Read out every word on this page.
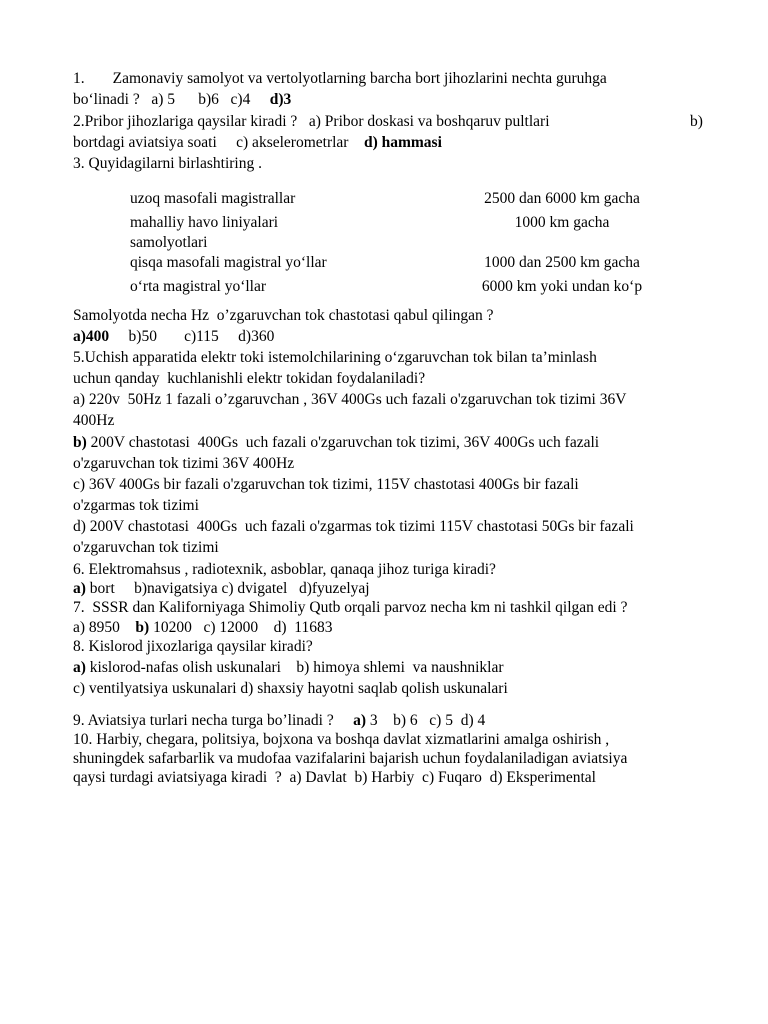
1. Zamonaviy samolyot va vertolyotlarning barcha bort jihozlarini nechta guruhga
bo‘linadi ?   a) 5      b)6   c)4     d)3
2.Pribor jihozlariga qaysilar kiradi ?   a) Pribor doskasi va boshqaruv pultlari	b)
bortdagi aviatsiya soati     c) akselerometrlar    d) hammasi
3. Quyidagilarni birlashtiring .
uzoq masofali magistrallar	2500 dan 6000 km gacha
mahalliy havo liniyalari	1000 km gacha
samolyotlari
qisqa masofali magistral yo‘llar	1000 dan 2500 km gacha
o‘rta magistral yo‘llar	6000 km yoki undan ko‘p
Samolyotda necha Hz  o’zgaruvchan tok chastotasi qabul qilingan ?
a)400     b)50       c)115     d)360
5.Uchish apparatida elektr toki istemolchilarining o‘zgaruvchan tok bilan ta’minlash
uchun qanday  kuchlanishli elektr tokidan foydalaniladi?
a) 220v  50Hz 1 fazali o’zgaruvchan , 36V 400Gs uch fazali o'zgaruvchan tok tizimi 36V
400Hz
b) 200V chastotasi  400Gs  uch fazali o'zgaruvchan tok tizimi, 36V 400Gs uch fazali
o'zgaruvchan tok tizimi 36V 400Hz
c) 36V 400Gs bir fazali o'zgaruvchan tok tizimi, 115V chastotasi 400Gs bir fazali
o'zgarmas tok tizimi
d) 200V chastotasi  400Gs  uch fazali o'zgarmas tok tizimi 115V chastotasi 50Gs bir fazali
o'zgaruvchan tok tizimi
6. Elektromahsus , radiotexnik, asboblar, qanaqa jihoz turiga kiradi?
a) bort     b)navigatsiya c) dvigatel   d)fyuzelyaj
7.  SSSR dan Kaliforniyaga Shimoliy Qutb orqali parvoz necha km ni tashkil qilgan edi ?
a) 8950    b) 10200   c) 12000    d)  11683
8. Kislorod jixozlariga qaysilar kiradi?
a) kislorod-nafas olish uskunalari    b) himoya shlemi  va naushniklar
c) ventilyatsiya uskunalari d) shaxsiy hayotni saqlab qolish uskunalari
9. Aviatsiya turlari necha turga bo’linadi ?     a) 3    b) 6   c) 5  d) 4
10. Harbiy, chegara, politsiya, bojxona va boshqa davlat xizmatlarini amalga oshirish ,
shuningdek safarbarlik va mudofaa vazifalarini bajarish uchun foydalaniladigan aviatsiya
qaysi turdagi aviatsiyaga kiradi  ?  a) Davlat  b) Harbiy  c) Fuqaro  d) Eksperimental
